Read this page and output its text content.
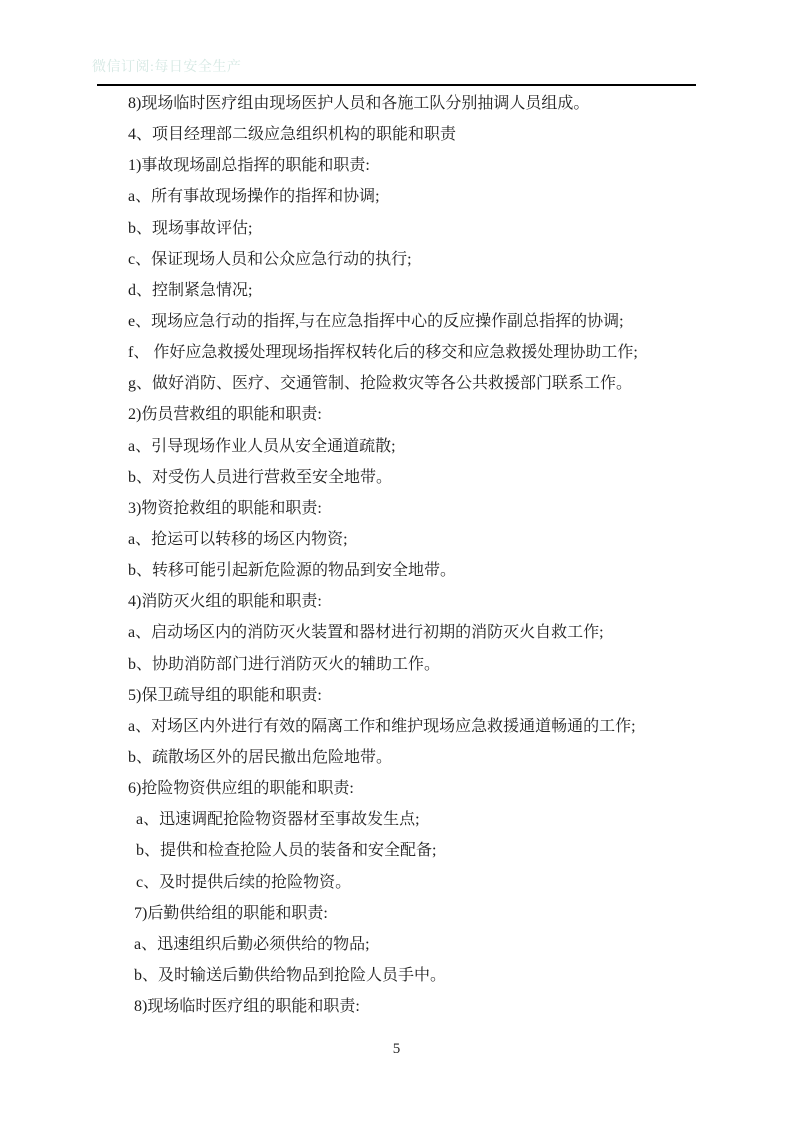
微信订阅:每日安全生产

8)现场临时医疗组由现场医护人员和各施工队分别抽调人员组成。

4、项目经理部二级应急组织机构的职能和职责

1)事故现场副总指挥的职能和职责:

a、所有事故现场操作的指挥和协调;

b、现场事故评估;

c、保证现场人员和公众应急行动的执行;

d、控制紧急情况;

e、现场应急行动的指挥,与在应急指挥中心的反应操作副总指挥的协调;

f、 作好应急救援处理现场指挥权转化后的移交和应急救援处理协助工作;

g、做好消防、医疗、交通管制、抢险救灾等各公共救援部门联系工作。

2)伤员营救组的职能和职责:

a、引导现场作业人员从安全通道疏散;

b、对受伤人员进行营救至安全地带。

3)物资抢救组的职能和职责:

a、抢运可以转移的场区内物资;

b、转移可能引起新危险源的物品到安全地带。

4)消防灭火组的职能和职责:

a、启动场区内的消防灭火装置和器材进行初期的消防灭火自救工作;

b、协助消防部门进行消防灭火的辅助工作。

5)保卫疏导组的职能和职责:

a、对场区内外进行有效的隔离工作和维护现场应急救援通道畅通的工作;

b、疏散场区外的居民撤出危险地带。

6)抢险物资供应组的职能和职责:

a、迅速调配抢险物资器材至事故发生点;

b、提供和检查抢险人员的装备和安全配备;

c、及时提供后续的抢险物资。

7)后勤供给组的职能和职责:

a、迅速组织后勤必须供给的物品;

b、及时输送后勤供给物品到抢险人员手中。

8)现场临时医疗组的职能和职责:

5
